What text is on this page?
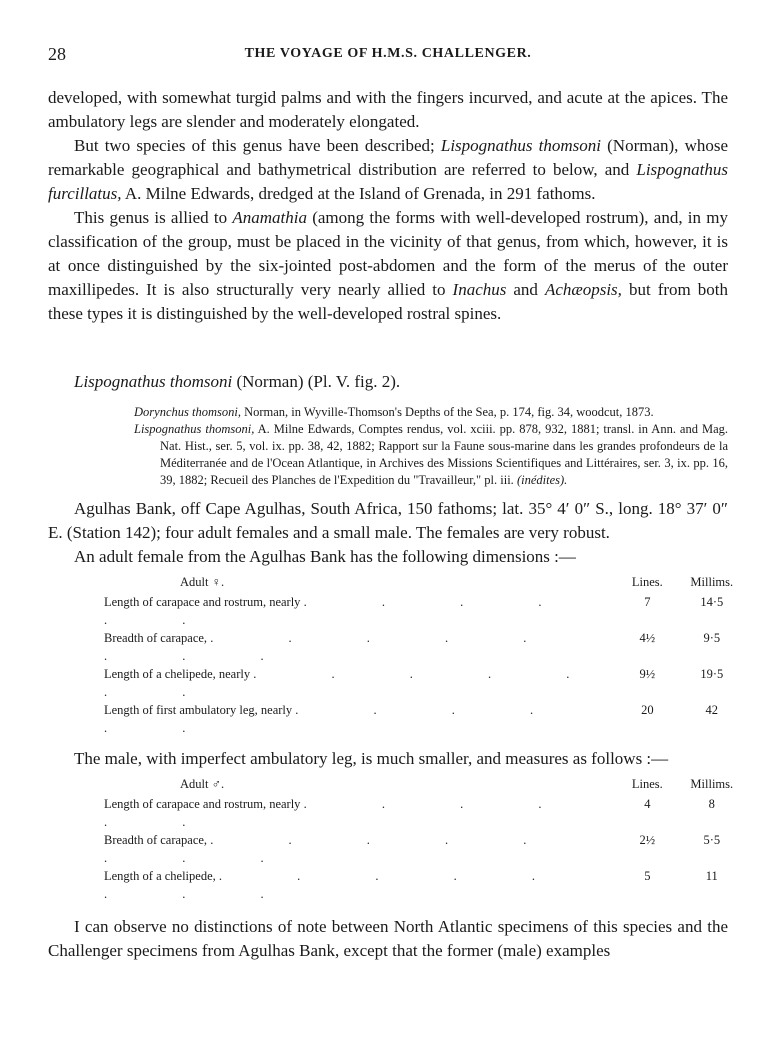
28	THE VOYAGE OF H.M.S. CHALLENGER.

developed, with somewhat turgid palms and with the fingers incurved, and acute at the apices. The ambulatory legs are slender and moderately elongated.

But two species of this genus have been described; Lispognathus thomsoni (Norman), whose remarkable geographical and bathymetrical distribution are referred to below, and Lispognathus furcillatus, A. Milne Edwards, dredged at the Island of Grenada, in 291 fathoms.

This genus is allied to Anamathia (among the forms with well-developed rostrum), and, in my classification of the group, must be placed in the vicinity of that genus, from which, however, it is at once distinguished by the six-jointed post-abdomen and the form of the merus of the outer maxillipedes. It is also structurally very nearly allied to Inachus and Achæopsis, but from both these types it is distinguished by the well-developed rostral spines.

Lispognathus thomsoni (Norman) (Pl. V. fig. 2).
Dorynchus thomsoni, Norman, in Wyville-Thomson's Depths of the Sea, p. 174, fig. 34, woodcut, 1873.
Lispognathus thomsoni, A. Milne Edwards, Comptes rendus, vol. xciii. pp. 878, 932, 1881; transl. in Ann. and Mag. Nat. Hist., ser. 5, vol. ix. pp. 38, 42, 1882; Rapport sur la Faune sous-marine dans les grandes profondeurs de la Méditerranée and de l'Ocean Atlantique, in Archives des Missions Scientifiques and Littéraires, ser. 3, ix. pp. 16, 39, 1882; Recueil des Planches de l'Expedition du "Travailleur," pl. iii. (inédites).

Agulhas Bank, off Cape Agulhas, South Africa, 150 fathoms; lat. 35° 4′ 0″ S., long. 18° 37′ 0″ E. (Station 142); four adult females and a small male. The females are very robust.

An adult female from the Agulhas Bank has the following dimensions :—

Adult ♀.	Lines.	Millims.
Length of carapace and rostrum, nearly . . . . . .	7	14·5
Breadth of carapace, . . . . . . . .	4½	9·5
Length of a chelipede, nearly . . . . . . .	9½	19·5
Length of first ambulatory leg, nearly . . . . . .	20	42

The male, with imperfect ambulatory leg, is much smaller, and measures as follows :—

Adult ♂.	Lines.	Millims.
Length of carapace and rostrum, nearly . . . . . .	4	8
Breadth of carapace, . . . . . . . .	2½	5·5
Length of a chelipede, . . . . . . . .	5	11

I can observe no distinctions of note between North Atlantic specimens of this species and the Challenger specimens from Agulhas Bank, except that the former (male) examples
